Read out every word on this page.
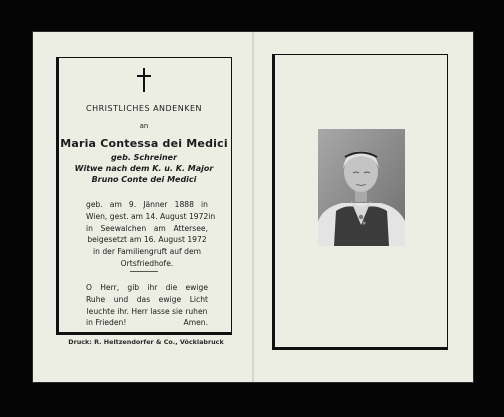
CHRISTLICHES ANDENKEN
an
Maria Contessa dei Medici
geb. Schreiner
Witwe nach dem K. u. K. Major
Bruno Conte dei Medici
geb. am 9. Jänner 1888 in
Wien, gest. am 14. August 1972 in
in Seewalchen am Attersee,
beigesetzt am 16. August 1972
in der Familiengruft auf dem
Ortsfriedhofe.
O Herr, gib ihr die ewige
Ruhe und das ewige Licht
leuchte ihr. Herr lasse sie ruhen
in Frieden!	Amen.
Druck: R. Heitzendorfer & Co., Vöcklabruck
